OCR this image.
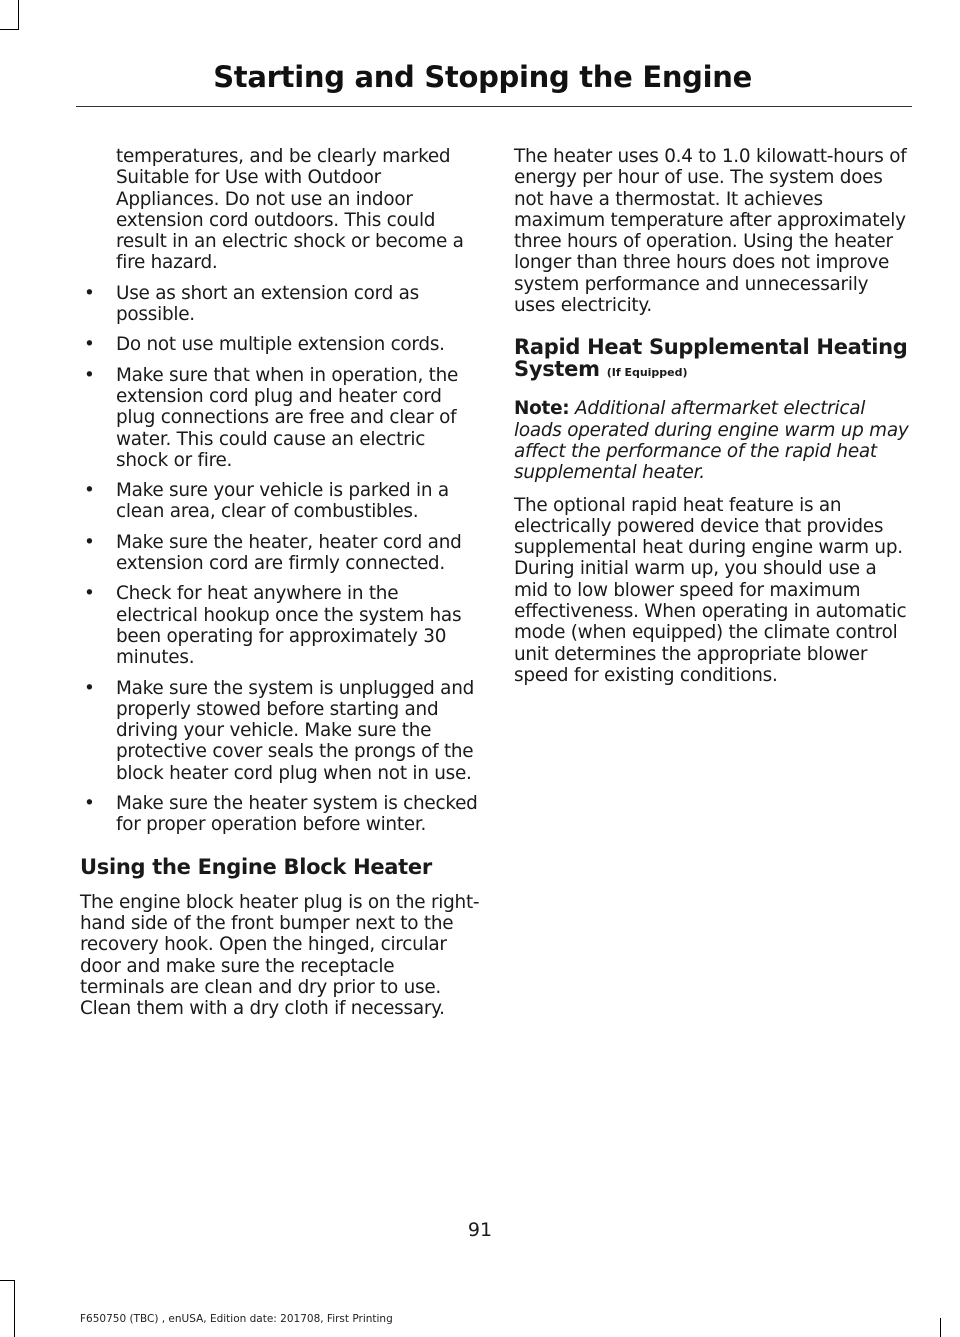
Starting and Stopping the Engine

temperatures, and be clearly marked Suitable for Use with Outdoor Appliances. Do not use an indoor extension cord outdoors. This could result in an electric shock or become a fire hazard.

• Use as short an extension cord as possible.
• Do not use multiple extension cords.
• Make sure that when in operation, the extension cord plug and heater cord plug connections are free and clear of water. This could cause an electric shock or fire.
• Make sure your vehicle is parked in a clean area, clear of combustibles.
• Make sure the heater, heater cord and extension cord are firmly connected.
• Check for heat anywhere in the electrical hookup once the system has been operating for approximately 30 minutes.
• Make sure the system is unplugged and properly stowed before starting and driving your vehicle. Make sure the protective cover seals the prongs of the block heater cord plug when not in use.
• Make sure the heater system is checked for proper operation before winter.
Using the Engine Block Heater

The engine block heater plug is on the right-hand side of the front bumper next to the recovery hook. Open the hinged, circular door and make sure the receptacle terminals are clean and dry prior to use. Clean them with a dry cloth if necessary.

The heater uses 0.4 to 1.0 kilowatt-hours of energy per hour of use. The system does not have a thermostat. It achieves maximum temperature after approximately three hours of operation. Using the heater longer than three hours does not improve system performance and unnecessarily uses electricity.

Rapid Heat Supplemental Heating System (If Equipped)

Note: Additional aftermarket electrical loads operated during engine warm up may affect the performance of the rapid heat supplemental heater.

The optional rapid heat feature is an electrically powered device that provides supplemental heat during engine warm up. During initial warm up, you should use a mid to low blower speed for maximum effectiveness. When operating in automatic mode (when equipped) the climate control unit determines the appropriate blower speed for existing conditions.

91
F650750 (TBC) , enUSA, Edition date: 201708, First Printing
